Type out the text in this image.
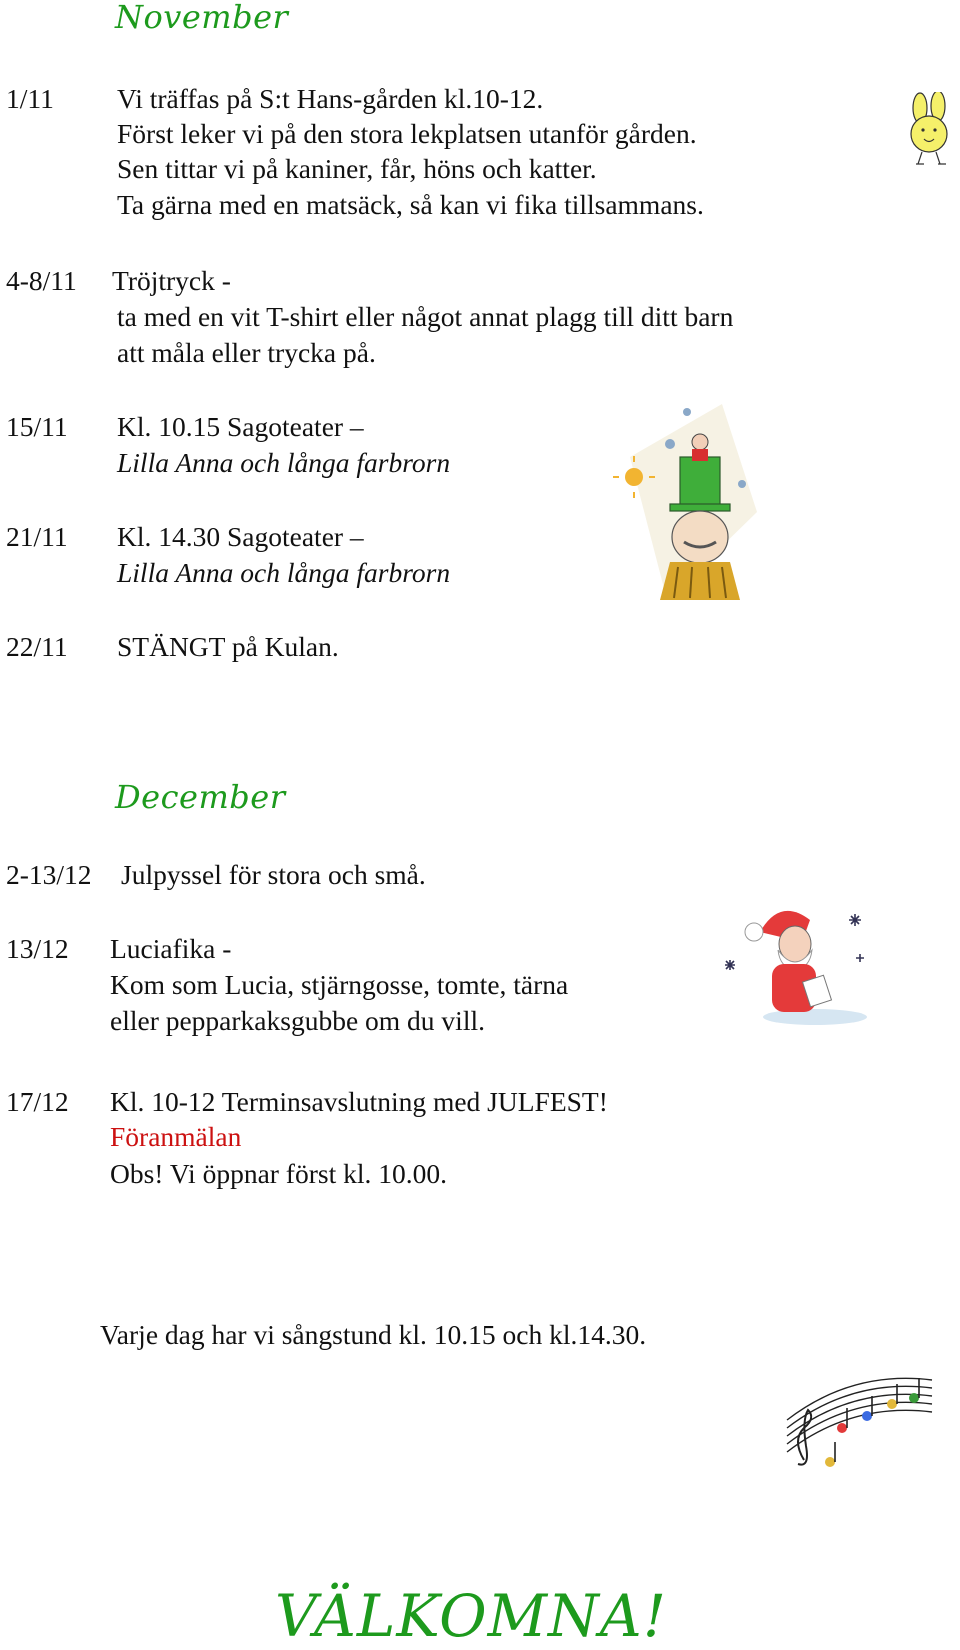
November
1/11 Vi träffas på S:t Hans-gården kl.10-12.
Först leker vi på den stora lekplatsen utanför gården.
Sen tittar vi på kaniner, får, höns och katter.
Ta gärna med en matsäck, så kan vi fika tillsammans.
4-8/11 Tröjtryck -
ta med en vit T-shirt eller något annat plagg till ditt barn
att måla eller trycka på.
15/11 Kl. 10.15 Sagoteater –
Lilla Anna och långa farbrorn
21/11 Kl. 14.30 Sagoteater –
Lilla Anna och långa farbrorn
22/11 STÄNGT på Kulan.
December
2-13/12 Julpyssel för stora och små.
13/12 Luciafika -
Kom som Lucia, stjärngosse, tomte, tärna
eller pepparkaksgubbe om du vill.
17/12 Kl. 10-12 Terminsavslutning med JULFEST!
Föranmälan
Obs! Vi öppnar först kl. 10.00.
Varje dag har vi sångstund kl. 10.15 och kl.14.30.
VÄLKOMNA!
